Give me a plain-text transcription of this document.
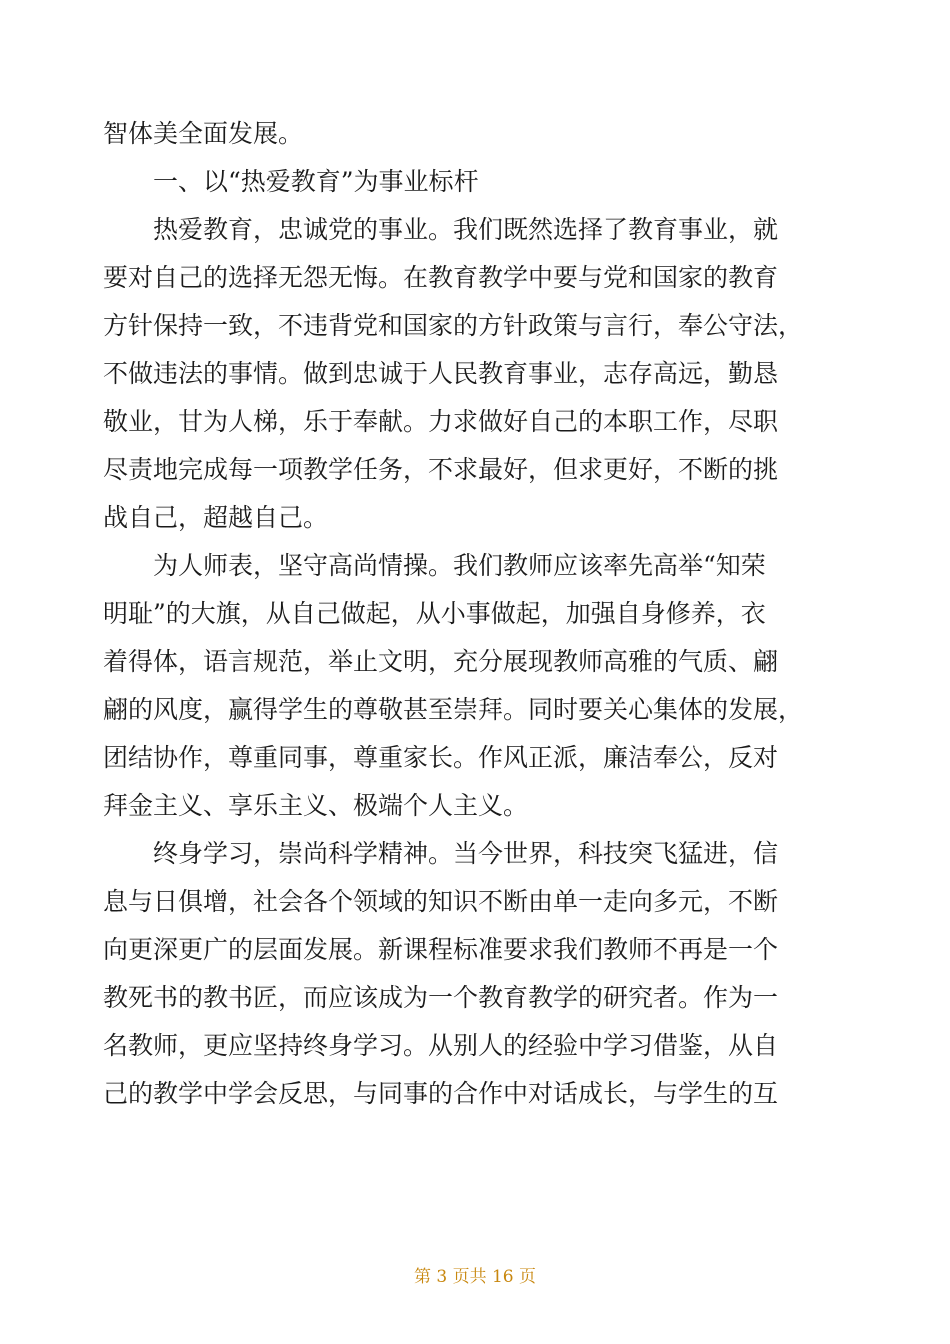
智体美全面发展。
一、以“热爱教育”为事业标杆
热爱教育，忠诚党的事业。我们既然选择了教育事业，就
要对自己的选择无怨无悔。在教育教学中要与党和国家的教育
方针保持一致，不违背党和国家的方针政策与言行，奉公守法，
不做违法的事情。做到忠诚于人民教育事业，志存高远，勤恳
敬业，甘为人梯，乐于奉献。力求做好自己的本职工作，尽职
尽责地完成每一项教学任务，不求最好，但求更好，不断的挑
战自己，超越自己。
为人师表，坚守高尚情操。我们教师应该率先高举“知荣
明耻”的大旗，从自己做起，从小事做起，加强自身修养，衣
着得体，语言规范，举止文明，充分展现教师高雅的气质、翩
翩的风度，赢得学生的尊敬甚至崇拜。同时要关心集体的发展，
团结协作，尊重同事，尊重家长。作风正派，廉洁奉公，反对
拜金主义、享乐主义、极端个人主义。
终身学习，崇尚科学精神。当今世界，科技突飞猛进，信
息与日俱增，社会各个领域的知识不断由单一走向多元，不断
向更深更广的层面发展。新课程标准要求我们教师不再是一个
教死书的教书匠，而应该成为一个教育教学的研究者。作为一
名教师，更应坚持终身学习。从别人的经验中学习借鉴，从自
己的教学中学会反思，与同事的合作中对话成长，与学生的互
第 3 页共 16 页
